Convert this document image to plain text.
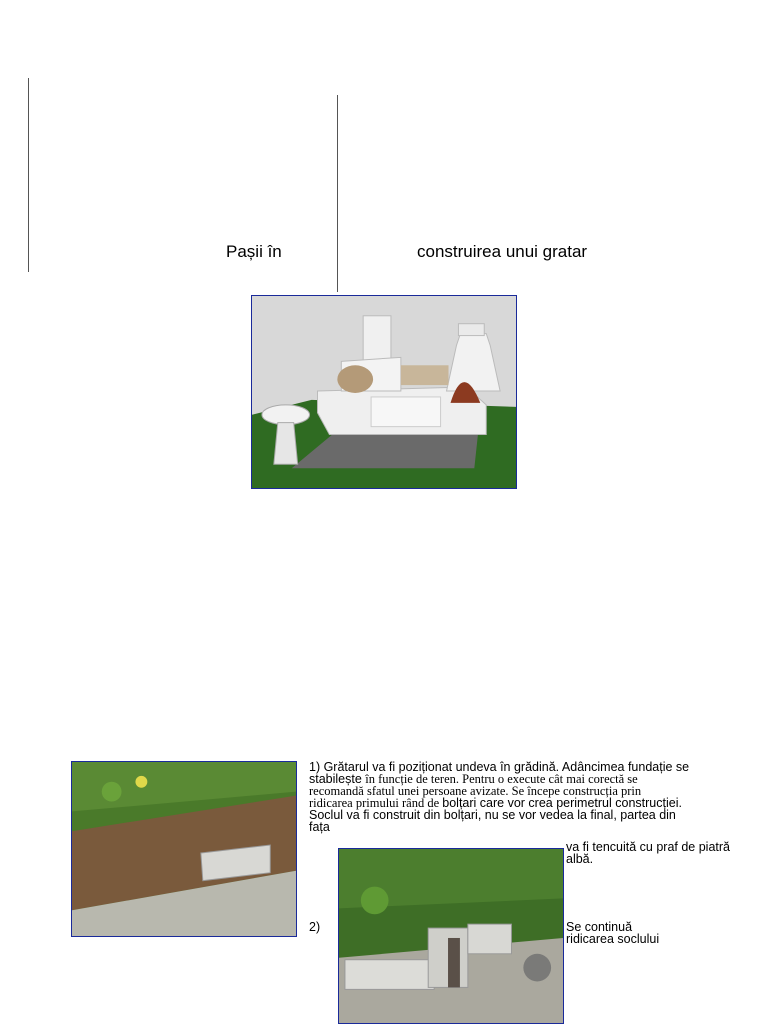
Pașii în	construirea unui gratar
1) Grătarul va fi poziționat undeva în grădină. Adâncimea fundație se
stabilește în funcție de teren. Pentru o execute cât mai corectă se
recomandă sfatul unei persoane avizate. Se începe construcția prin
ridicarea primului rând de bolțari care vor crea perimetrul construcției.
Soclul va fi construit din bolțari, nu se vor vedea la final, partea din
fața
va fi tencuită cu praf de piatră
albă.
2)	Se continuă
ridicarea soclului
